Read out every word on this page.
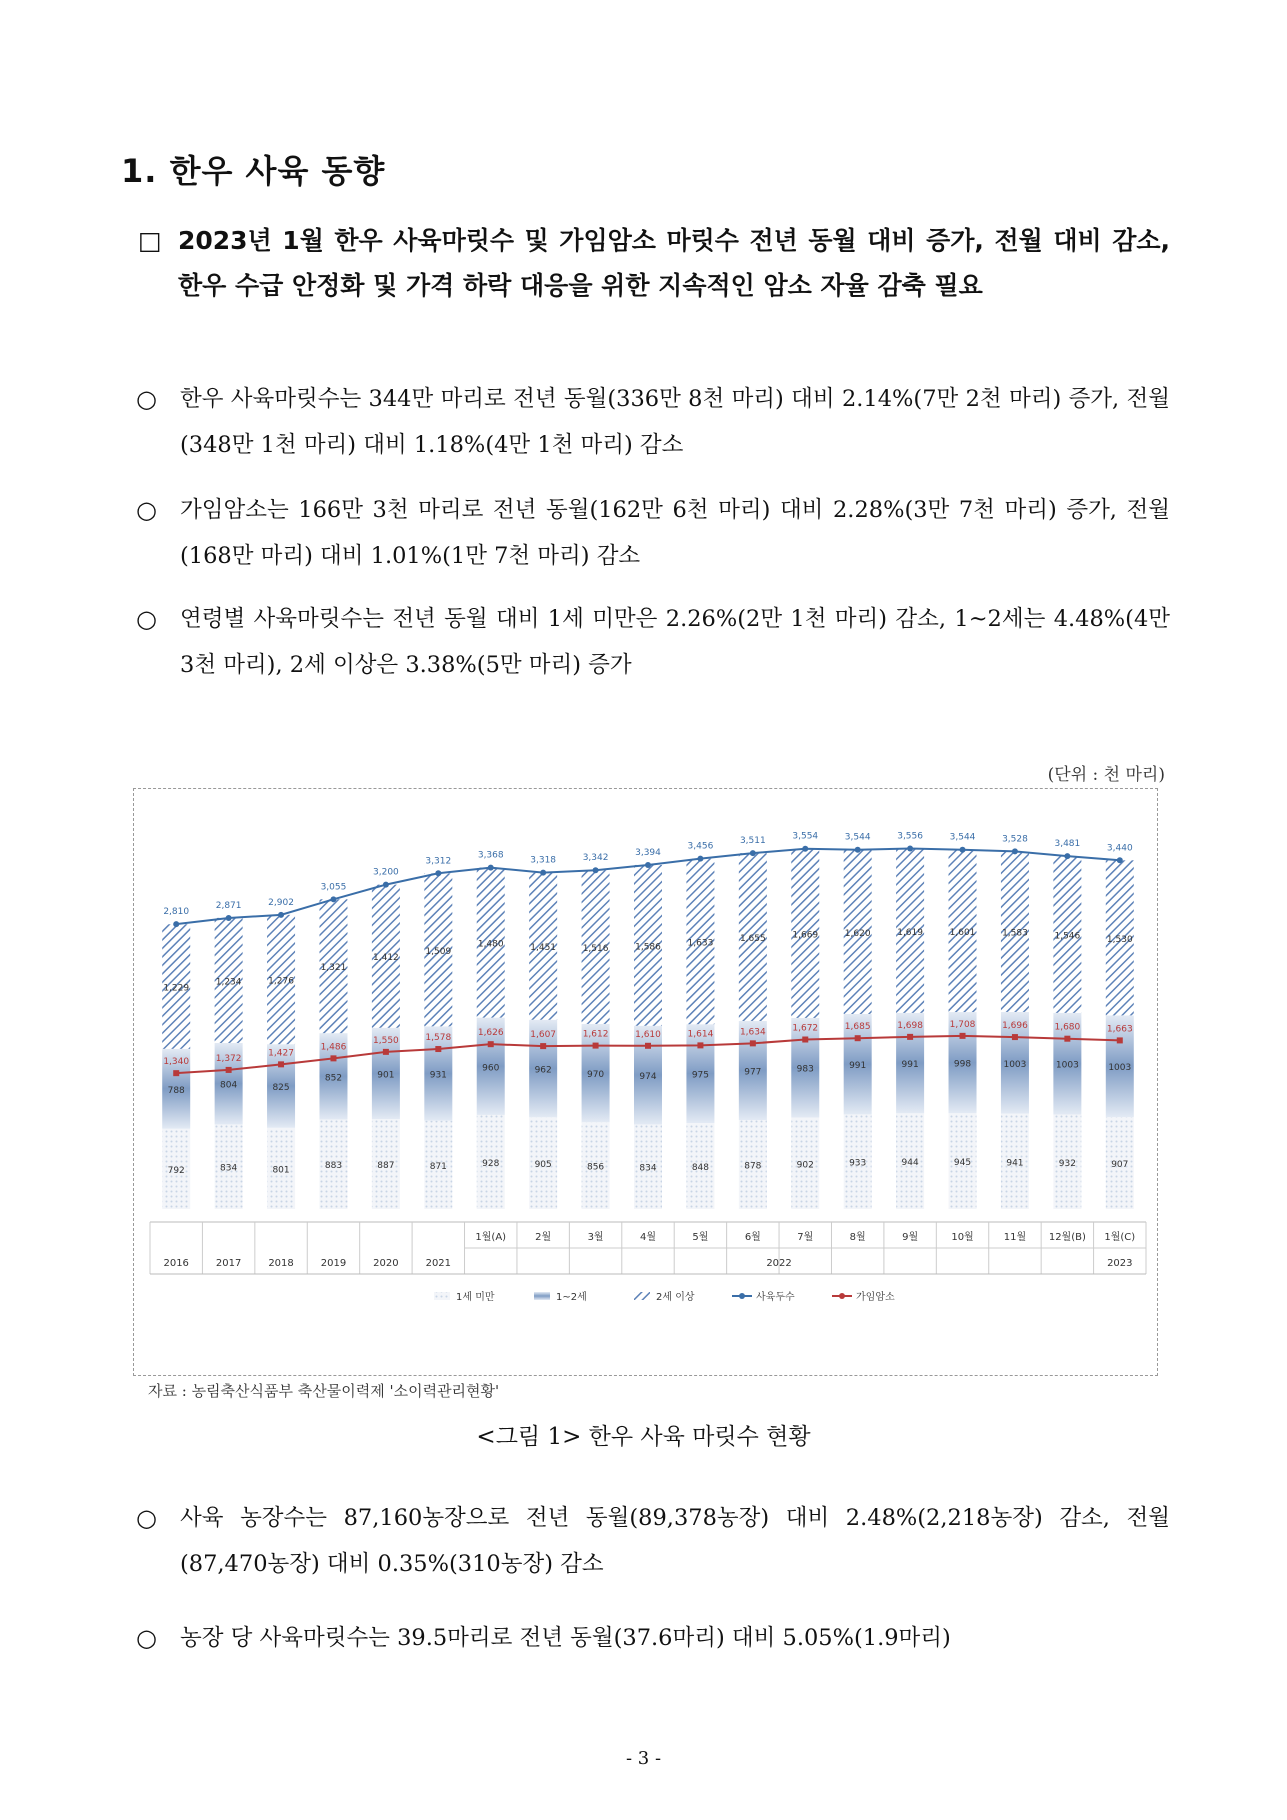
1. 한우 사육 동향
□ 2023년 1월 한우 사육마릿수 및 가임암소 마릿수 전년 동월 대비 증가, 전월 대비 감소, 한우 수급 안정화 및 가격 하락 대응을 위한 지속적인 암소 자율 감축 필요
○	한우 사육마릿수는 344만 마리로 전년 동월(336만 8천 마리) 대비 2.14%(7만 2천 마리) 증가, 전월(348만 1천 마리) 대비 1.18%(4만 1천 마리) 감소
○	가임암소는 166만 3천 마리로 전년 동월(162만 6천 마리) 대비 2.28%(3만 7천 마리) 증가, 전월(168만 마리) 대비 1.01%(1만 7천 마리) 감소
○	연령별 사육마릿수는 전년 동월 대비 1세 미만은 2.26%(2만 1천 마리) 감소, 1~2세는 4.48%(4만 3천 마리), 2세 이상은 3.38%(5만 마리) 증가
(단위 : 천 마리)
792
788
1,229
834
804
1,234
801
825
1,276
883
852
1,321
887
901
1,412
871
931
1,509
928
960
1,480
905
962
1,451
856
970
1,516
834
974
1,586
848
975
1,633
878
977
1,655
902
983
1,669
933
991
1,620
944
991
1,619
945
998
1,601
941
1003
1,583
932
1003
1,546
907
1003
1,530
2,810
1,340
2,871
1,372
2,902
1,427
3,055
1,486
3,200
1,550
3,312
1,578
3,368
1,626
3,318
1,607
3,342
1,612
3,394
1,610
3,456
1,614
3,511
1,634
3,554
1,672
3,544
1,685
3,556
1,698
3,544
1,708
3,528
1,696
3,481
1,680
3,440
1,663
1월(A)	2월	3월	4월	5월	6월	7월	8월	9월	10월	11월 12월(B) 1월(C)
2016	2017	2018	2019	2020	2021	2022	2023
1세 미만	1~2세	2세 이상	사육두수	가임암소
자료 : 농림축산식품부 축산물이력제 '소이력관리현황'
<그림 1> 한우 사육 마릿수 현황
○	사육 농장수는 87,160농장으로 전년 동월(89,378농장) 대비 2.48%(2,218농장) 감소, 전월(87,470농장) 대비 0.35%(310농장) 감소
○	농장 당 사육마릿수는 39.5마리로 전년 동월(37.6마리) 대비 5.05%(1.9마리)
- 3 -
